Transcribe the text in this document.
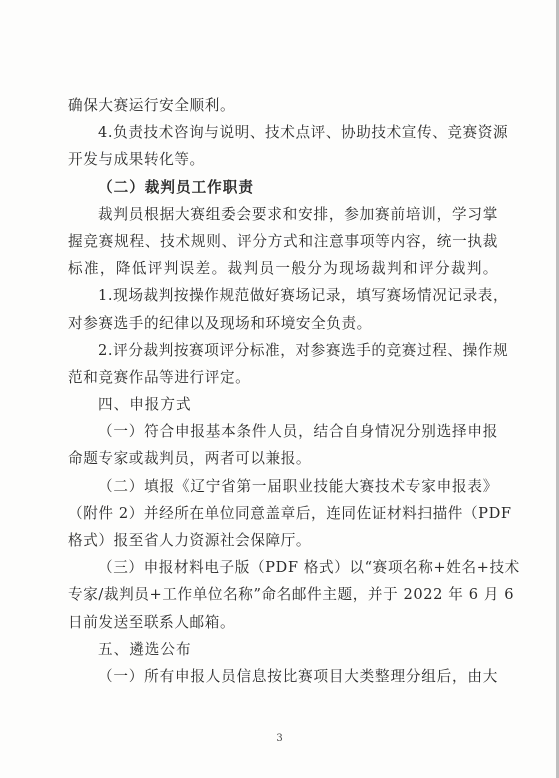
确保大赛运行安全顺利。
4.负责技术咨询与说明、技术点评、协助技术宣传、竞赛资源
开发与成果转化等。
（二）裁判员工作职责
裁判员根据大赛组委会要求和安排，参加赛前培训，学习掌
握竞赛规程、技术规则、评分方式和注意事项等内容，统一执裁
标准，降低评判误差。裁判员一般分为现场裁判和评分裁判。
1.现场裁判按操作规范做好赛场记录，填写赛场情况记录表，
对参赛选手的纪律以及现场和环境安全负责。
2.评分裁判按赛项评分标准，对参赛选手的竞赛过程、操作规
范和竞赛作品等进行评定。
四、申报方式
（一）符合申报基本条件人员，结合自身情况分别选择申报
命题专家或裁判员，两者可以兼报。
（二）填报《辽宁省第一届职业技能大赛技术专家申报表》
（附件 2）并经所在单位同意盖章后，连同佐证材料扫描件（PDF
格式）报至省人力资源社会保障厅。
（三）申报材料电子版（PDF 格式）以“赛项名称+姓名+技术
专家/裁判员+工作单位名称”命名邮件主题，并于 2022 年 6 月 6
日前发送至联系人邮箱。
五、遴选公布
（一）所有申报人员信息按比赛项目大类整理分组后，由大
3
